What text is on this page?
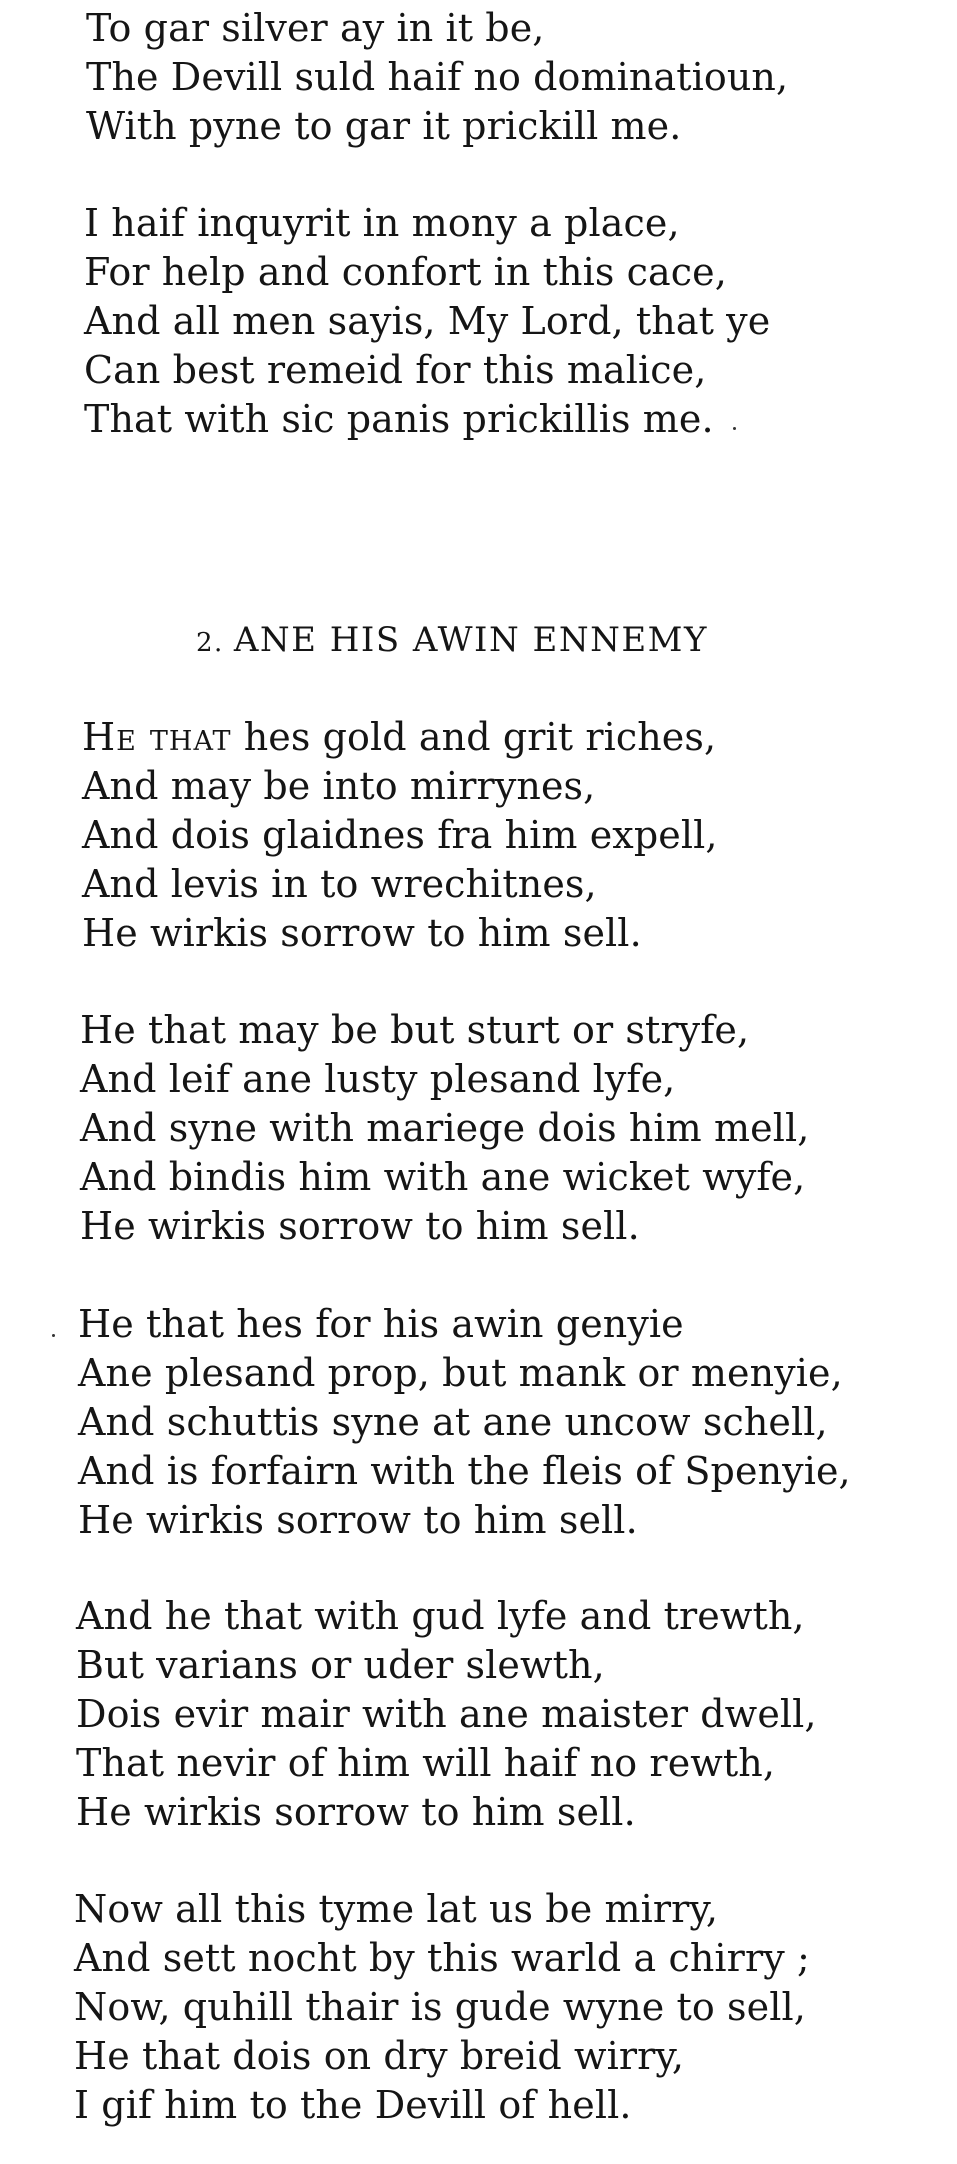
To gar silver ay in it be,
The Devill suld haif no dominatioun,
With pyne to gar it prickill me.
I haif inquyrit in mony a place,
For help and confort in this cace,
And all men sayis, My Lord, that ye
Can best remeid for this malice,
That with sic panis prickillis me.
2. ANE HIS AWIN ENNEMY
He that hes gold and grit riches,
And may be into mirrynes,
And dois glaidnes fra him expell,
And levis in to wrechitnes,
He wirkis sorrow to him sell.
He that may be but sturt or stryfe,
And leif ane lusty plesand lyfe,
And syne with mariege dois him mell,
And bindis him with ane wicket wyfe,
He wirkis sorrow to him sell.
He that hes for his awin genyie
Ane plesand prop, but mank or menyie,
And schuttis syne at ane uncow schell,
And is forfairn with the fleis of Spenyie,
He wirkis sorrow to him sell.
And he that with gud lyfe and trewth,
But varians or uder slewth,
Dois evir mair with ane maister dwell,
That nevir of him will haif no rewth,
He wirkis sorrow to him sell.
Now all this tyme lat us be mirry,
And sett nocht by this warld a chirry ;
Now, quhill thair is gude wyne to sell,
He that dois on dry breid wirry,
I gif him to the Devill of hell.
